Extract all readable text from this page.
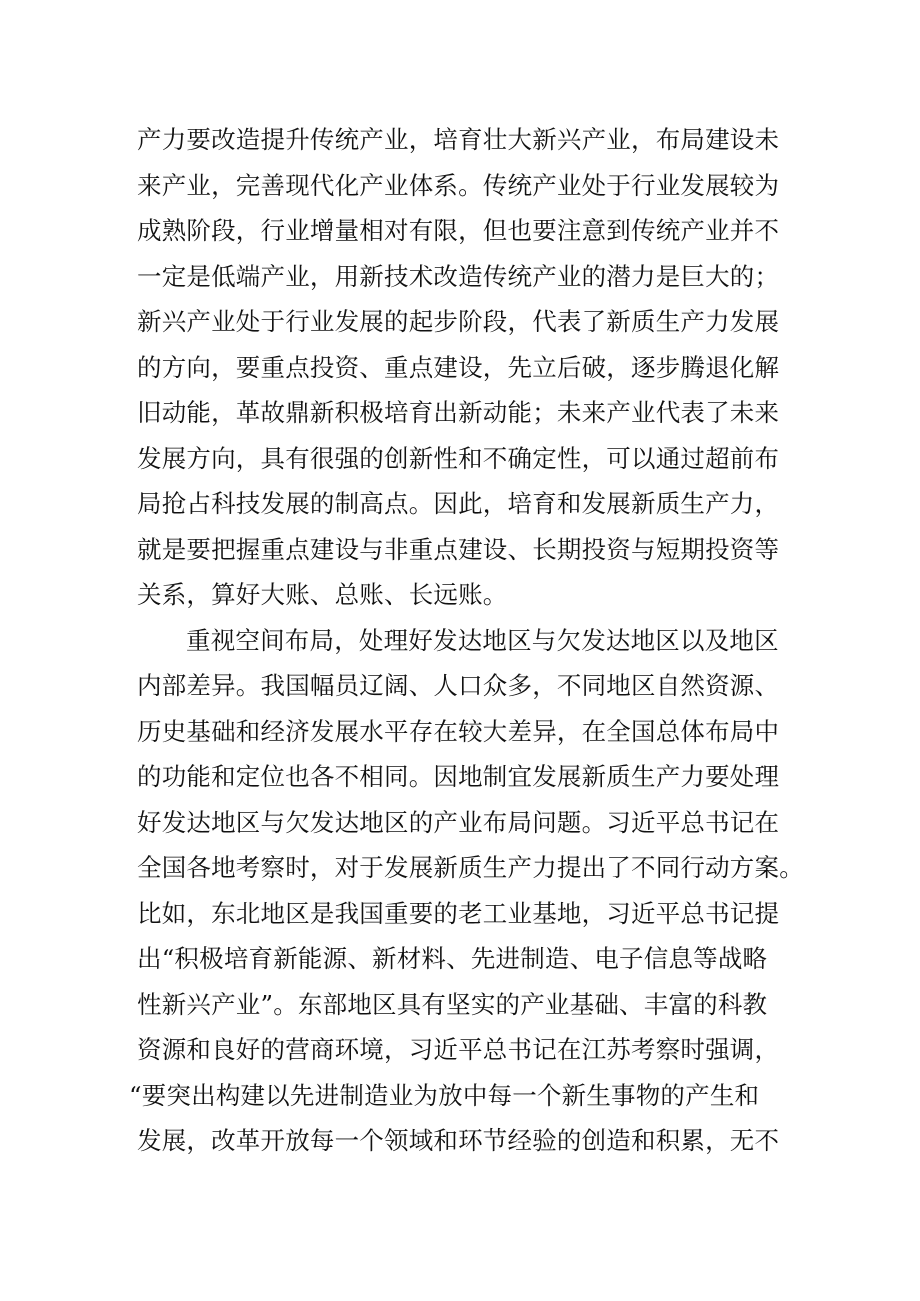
产力要改造提升传统产业，培育壮大新兴产业，布局建设未
来产业，完善现代化产业体系。传统产业处于行业发展较为
成熟阶段，行业增量相对有限，但也要注意到传统产业并不
一定是低端产业，用新技术改造传统产业的潜力是巨大的；
新兴产业处于行业发展的起步阶段，代表了新质生产力发展
的方向，要重点投资、重点建设，先立后破，逐步腾退化解
旧动能，革故鼎新积极培育出新动能；未来产业代表了未来
发展方向，具有很强的创新性和不确定性，可以通过超前布
局抢占科技发展的制高点。因此，培育和发展新质生产力，
就是要把握重点建设与非重点建设、长期投资与短期投资等
关系，算好大账、总账、长远账。
重视空间布局，处理好发达地区与欠发达地区以及地区
内部差异。我国幅员辽阔、人口众多，不同地区自然资源、
历史基础和经济发展水平存在较大差异，在全国总体布局中
的功能和定位也各不相同。因地制宜发展新质生产力要处理
好发达地区与欠发达地区的产业布局问题。习近平总书记在
全国各地考察时，对于发展新质生产力提出了不同行动方案。
比如，东北地区是我国重要的老工业基地，习近平总书记提
出“积极培育新能源、新材料、先进制造、电子信息等战略
性新兴产业”。东部地区具有坚实的产业基础、丰富的科教
资源和良好的营商环境，习近平总书记在江苏考察时强调，
“要突出构建以先进制造业为放中每一个新生事物的产生和
发展，改革开放每一个领域和环节经验的创造和积累，无不
